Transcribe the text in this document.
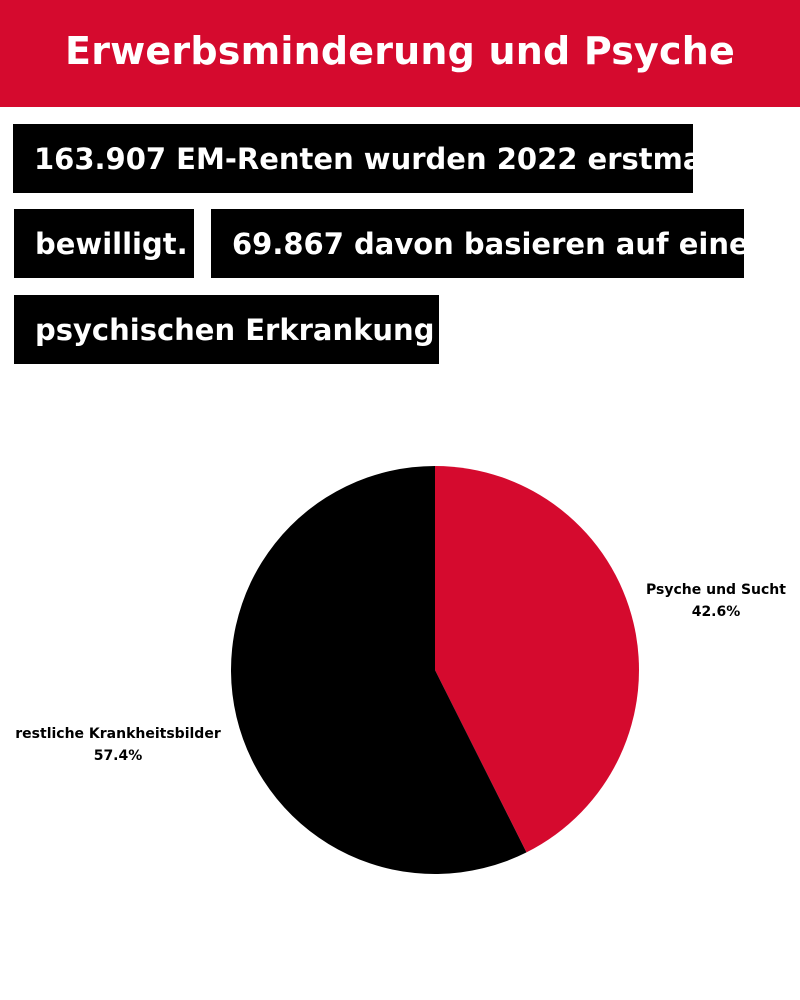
Erwerbsminderung und Psyche
163.907 EM-Renten wurden 2022 erstmals
bewilligt.	69.867 davon basieren auf einer
psychischen Erkrankung
Psyche und Sucht
42.6%
restliche Krankheitsbilder
57.4%
